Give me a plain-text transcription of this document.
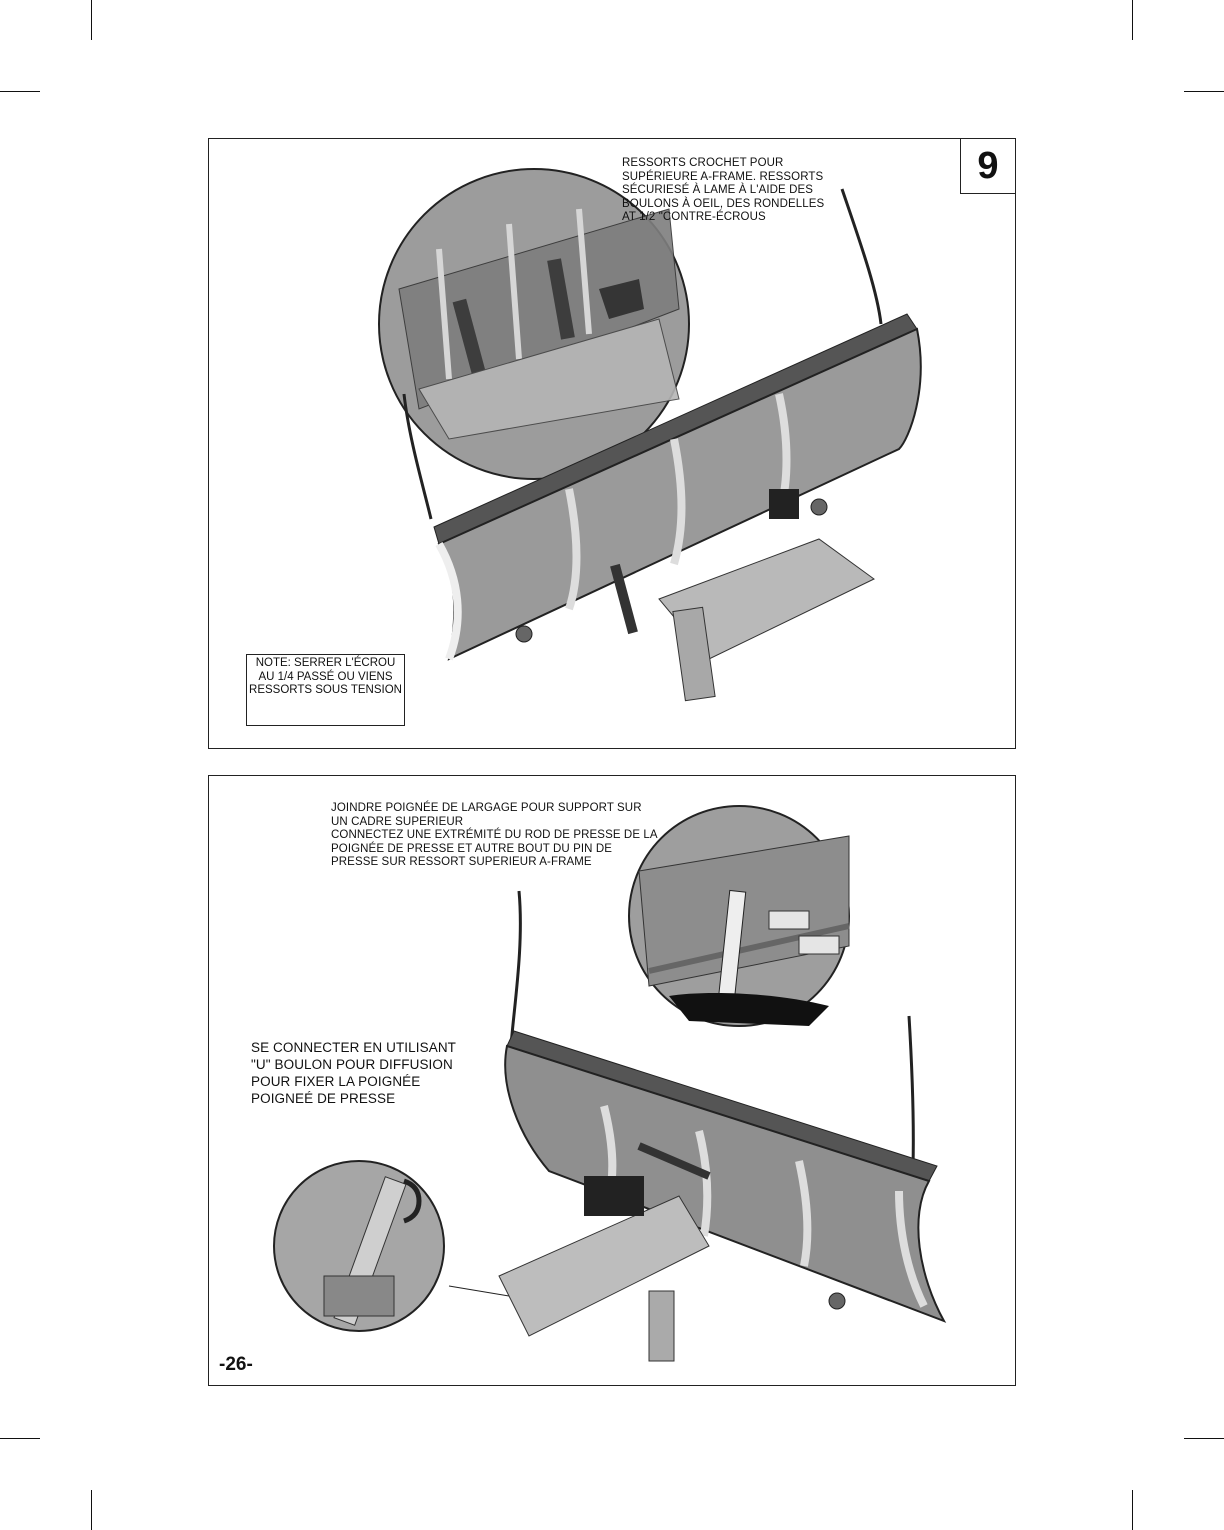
9
RESSORTS CROCHET POUR
SUPÉRIEURE A-FRAME. RESSORTS
SÉCURIESÉ À LAME À L'AIDE DES
BOULONS À OEIL, DES RONDELLES
AT 1/2 "CONTRE-ÉCROUS
NOTE: SERRER L'ÉCROU AU 1/4 PASSÉ OU VIENS RESSORTS SOUS TENSION
JOINDRE POIGNÉE DE LARGAGE POUR SUPPORT SUR
UN CADRE SUPERIEUR
CONNECTEZ UNE EXTRÉMITÉ DU ROD DE PRESSE DE LA
POIGNÉE DE PRESSE ET AUTRE BOUT DU PIN DE
PRESSE SUR RESSORT SUPERIEUR A-FRAME
SE CONNECTER EN UTILISANT
"U" BOULON POUR DIFFUSION
POUR FIXER LA POIGNÉE
POIGNEÉ DE PRESSE
-26-
